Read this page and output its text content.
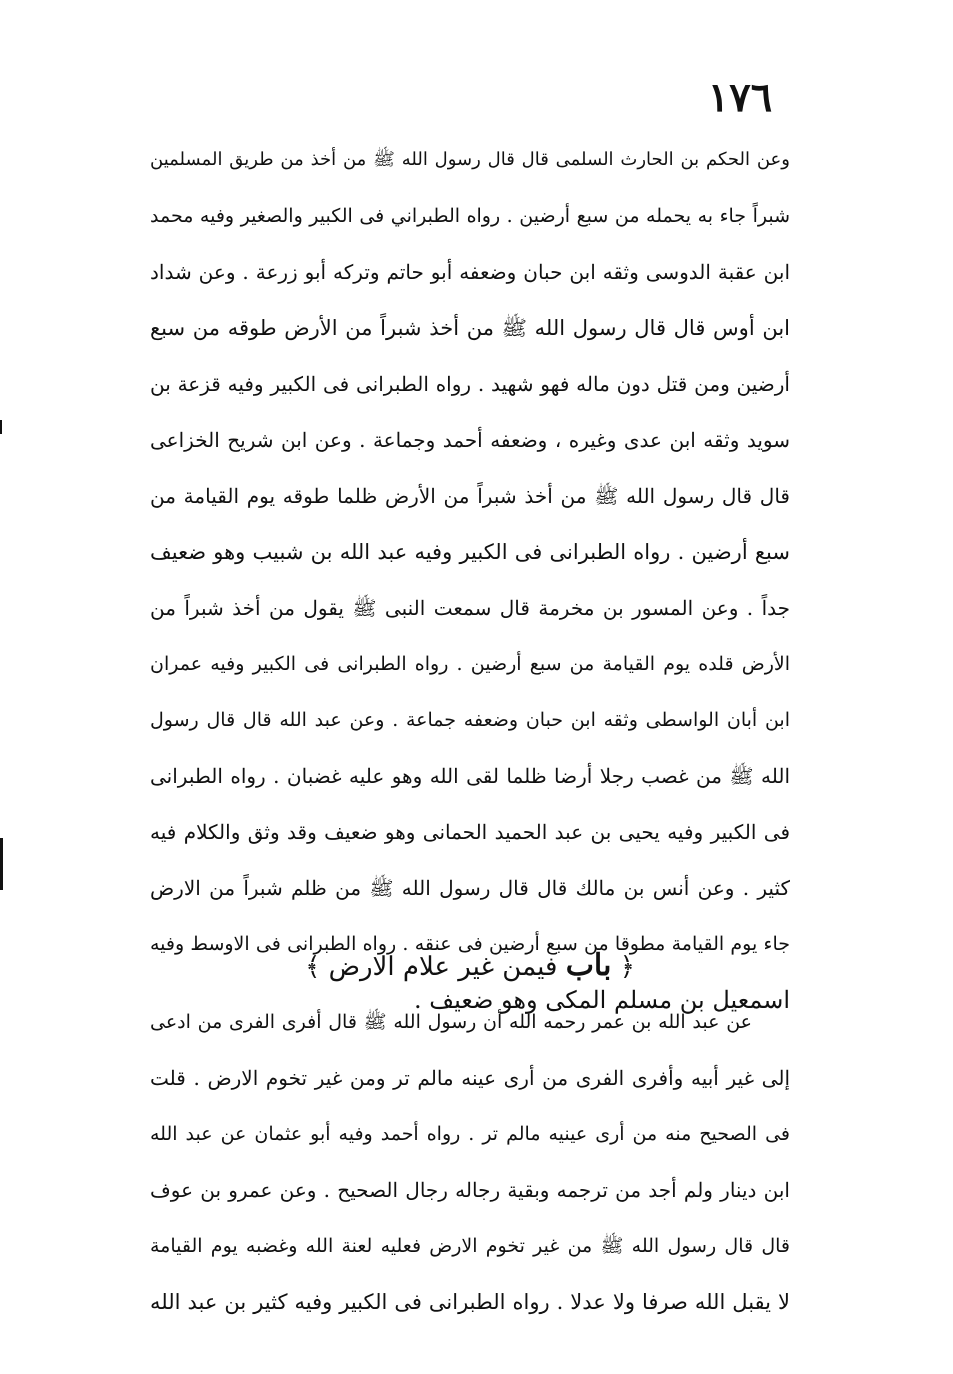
١٧٦
وعن الحكم بن الحارث السلمى قال قال رسول الله ﷺ من أخذ من طريق المسلمين
شبراً جاء به يحمله من سبع أرضين . رواه الطبراني فى الكبير والصغير وفيه محمد
ابن عقبة الدوسى وثقه ابن حبان وضعفه أبو حاتم وتركه أبو زرعة . وعن شداد
ابن أوس قال قال رسول الله ﷺ من أخذ شبراً من الأرض طوقه من سبع
أرضين ومن قتل دون ماله فهو شهيد . رواه الطبرانى فى الكبير وفيه قزعة بن
سويد وثقه ابن عدى وغيره ، وضعفه أحمد وجماعة . وعن ابن شريح الخزاعى
قال قال رسول الله ﷺ من أخذ شبراً من الأرض ظلما طوقه يوم القيامة من
سبع أرضين . رواه الطبرانى فى الكبير وفيه عبد الله بن شبيب وهو ضعيف
جداً . وعن المسور بن مخرمة قال سمعت النبى ﷺ يقول من أخذ شبراً من
الأرض قلده يوم القيامة من سبع أرضين . رواه الطبرانى فى الكبير وفيه عمران
ابن أبان الواسطى وثقه ابن حبان وضعفه جماعة . وعن عبد الله قال قال رسول
الله ﷺ من غصب رجلا أرضا ظلما لقى الله وهو عليه غضبان . رواه الطبرانى
فى الكبير وفيه يحيى بن عبد الحميد الحمانى وهو ضعيف وقد وثق والكلام فيه
كثير . وعن أنس بن مالك قال قال رسول الله ﷺ من ظلم شبراً من الارض
جاء يوم القيامة مطوقا من سبع أرضين فى عنقه . رواه الطبرانى فى الاوسط وفيه
اسمعيل بن مسلم المكى وهو ضعيف .
﴿ باب فيمن غير علام الارض ﴾
عن عبد الله بن عمر رحمه الله أن رسول الله ﷺ قال أفرى الفرى من ادعى
إلى غير أبيه وأفرى الفرى من أرى عينه مالم تر ومن غير تخوم الارض . قلت
فى الصحيح منه من أرى عينيه مالم تر . رواه أحمد وفيه أبو عثمان عن عبد الله
ابن دينار ولم أجد من ترجمه وبقية رجاله رجال الصحيح . وعن عمرو بن عوف
قال قال رسول الله ﷺ من غير تخوم الارض فعليه لعنة الله وغضبه يوم القيامة
لا يقبل الله صرفا ولا عدلا . رواه الطبرانى فى الكبير وفيه كثير بن عبد الله
